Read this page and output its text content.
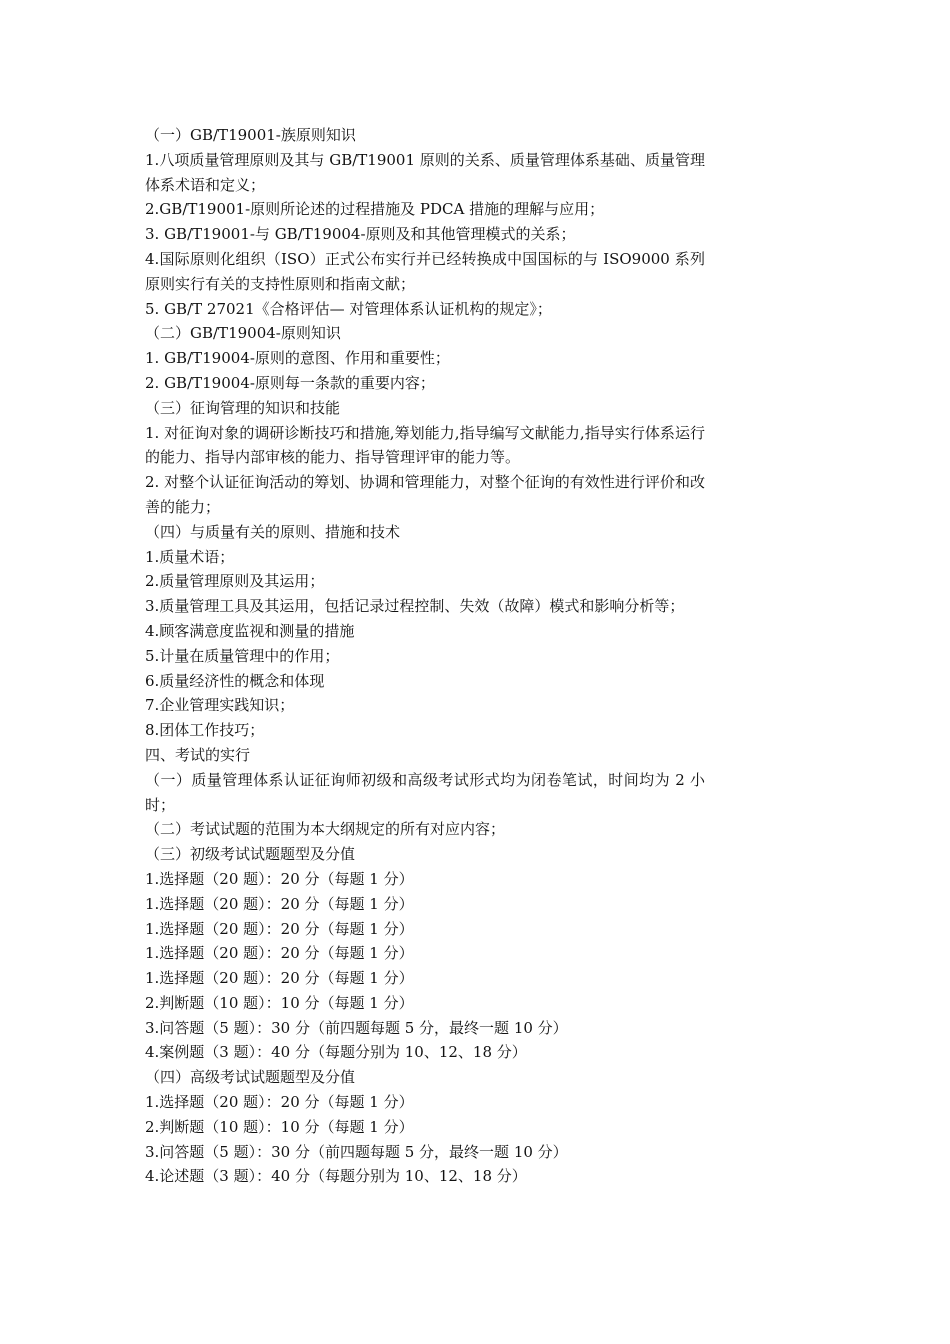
（一）GB/T19001-族原则知识
1.八项质量管理原则及其与 GB/T19001 原则的关系、质量管理体系基础、质量管理体系术语和定义；
2.GB/T19001-原则所论述的过程措施及 PDCA 措施的理解与应用；
3. GB/T19001-与 GB/T19004-原则及和其他管理模式的关系；
4.国际原则化组织（ISO）正式公布实行并已经转换成中国国标的与 ISO9000 系列原则实行有关的支持性原则和指南文献；
5. GB/T 27021《合格评估— 对管理体系认证机构的规定》；
（二）GB/T19004-原则知识
1. GB/T19004-原则的意图、作用和重要性；
2. GB/T19004-原则每一条款的重要内容；
（三）征询管理的知识和技能
1. 对征询对象的调研诊断技巧和措施,筹划能力,指导编写文献能力,指导实行体系运行的能力、指导内部审核的能力、指导管理评审的能力等。
2. 对整个认证征询活动的筹划、协调和管理能力，对整个征询的有效性进行评价和改善的能力；
（四）与质量有关的原则、措施和技术
1.质量术语；
2.质量管理原则及其运用；
3.质量管理工具及其运用，包括记录过程控制、失效（故障）模式和影响分析等；
4.顾客满意度监视和测量的措施
5.计量在质量管理中的作用；
6.质量经济性的概念和体现
7.企业管理实践知识；
8.团体工作技巧；
四、考试的实行
（一）质量管理体系认证征询师初级和高级考试形式均为闭卷笔试，时间均为 2 小时；
（二）考试试题的范围为本大纲规定的所有对应内容；
（三）初级考试试题题型及分值
1.选择题（20 题）：20 分（每题 1 分）
1.选择题（20 题）：20 分（每题 1 分）
1.选择题（20 题）：20 分（每题 1 分）
1.选择题（20 题）：20 分（每题 1 分）
1.选择题（20 题）：20 分（每题 1 分）
2.判断题（10 题）：10 分（每题 1 分）
3.问答题（5 题）：30 分（前四题每题 5 分，最终一题 10 分）
4.案例题（3 题）：40 分（每题分别为 10、12、18 分）
（四）高级考试试题题型及分值
1.选择题（20 题）：20 分（每题 1 分）
2.判断题（10 题）：10 分（每题 1 分）
3.问答题（5 题）：30 分（前四题每题 5 分，最终一题 10 分）
4.论述题（3 题）：40 分（每题分别为 10、12、18 分）
